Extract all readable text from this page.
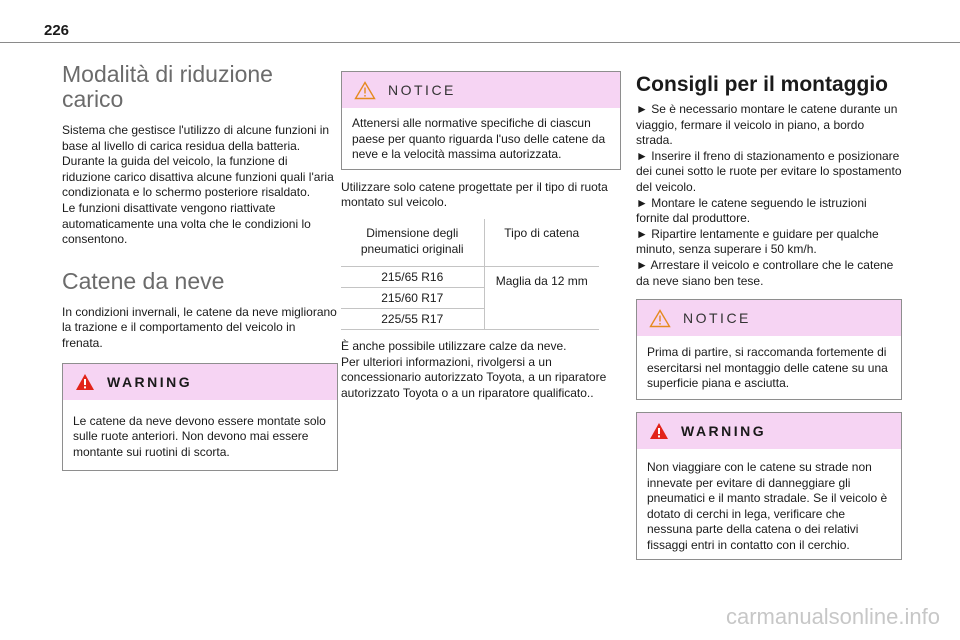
226
Modalità di riduzione carico
Sistema che gestisce l'utilizzo di alcune funzioni in base al livello di carica residua della batteria.
Durante la guida del veicolo, la funzione di riduzione carico disattiva alcune funzioni quali l'aria condizionata e lo schermo posteriore risaldato.
Le funzioni disattivate vengono riattivate automaticamente una volta che le condizioni lo consentono.
Catene da neve
In condizioni invernali, le catene da neve migliorano la trazione e il comportamento del veicolo in frenata.
WARNING
Le catene da neve devono essere montate solo sulle ruote anteriori. Non devono mai essere montante sui ruotini di scorta.
NOTICE
Attenersi alle normative specifiche di ciascun paese per quanto riguarda l'uso delle catene da neve e la velocità massima autorizzata.
Utilizzare solo catene progettate per il tipo di ruota montato sul veicolo.
Dimensione degli pneumatici originali	Tipo di catena
215/65 R16	Maglia da 12 mm
215/60 R17	
225/55 R17	
È anche possibile utilizzare calze da neve.
Per ulteriori informazioni, rivolgersi a un concessionario autorizzato Toyota, a un riparatore autorizzato Toyota o a un riparatore qualificato..
Consigli per il montaggio
► Se è necessario montare le catene durante un viaggio, fermare il veicolo in piano, a bordo strada.
► Inserire il freno di stazionamento e posizionare dei cunei sotto le ruote per evitare lo spostamento del veicolo.
► Montare le catene seguendo le istruzioni fornite dal produttore.
► Ripartire lentamente e guidare per qualche minuto, senza superare i 50 km/h.
► Arrestare il veicolo e controllare che le catene da neve siano ben tese.
NOTICE
Prima di partire, si raccomanda fortemente di esercitarsi nel montaggio delle catene su una superficie piana e asciutta.
WARNING
Non viaggiare con le catene su strade non innevate per evitare di danneggiare gli pneumatici e il manto stradale. Se il veicolo è dotato di cerchi in lega, verificare che nessuna parte della catena o dei relativi fissaggi entri in contatto con il cerchio.
carmanualsonline.info
